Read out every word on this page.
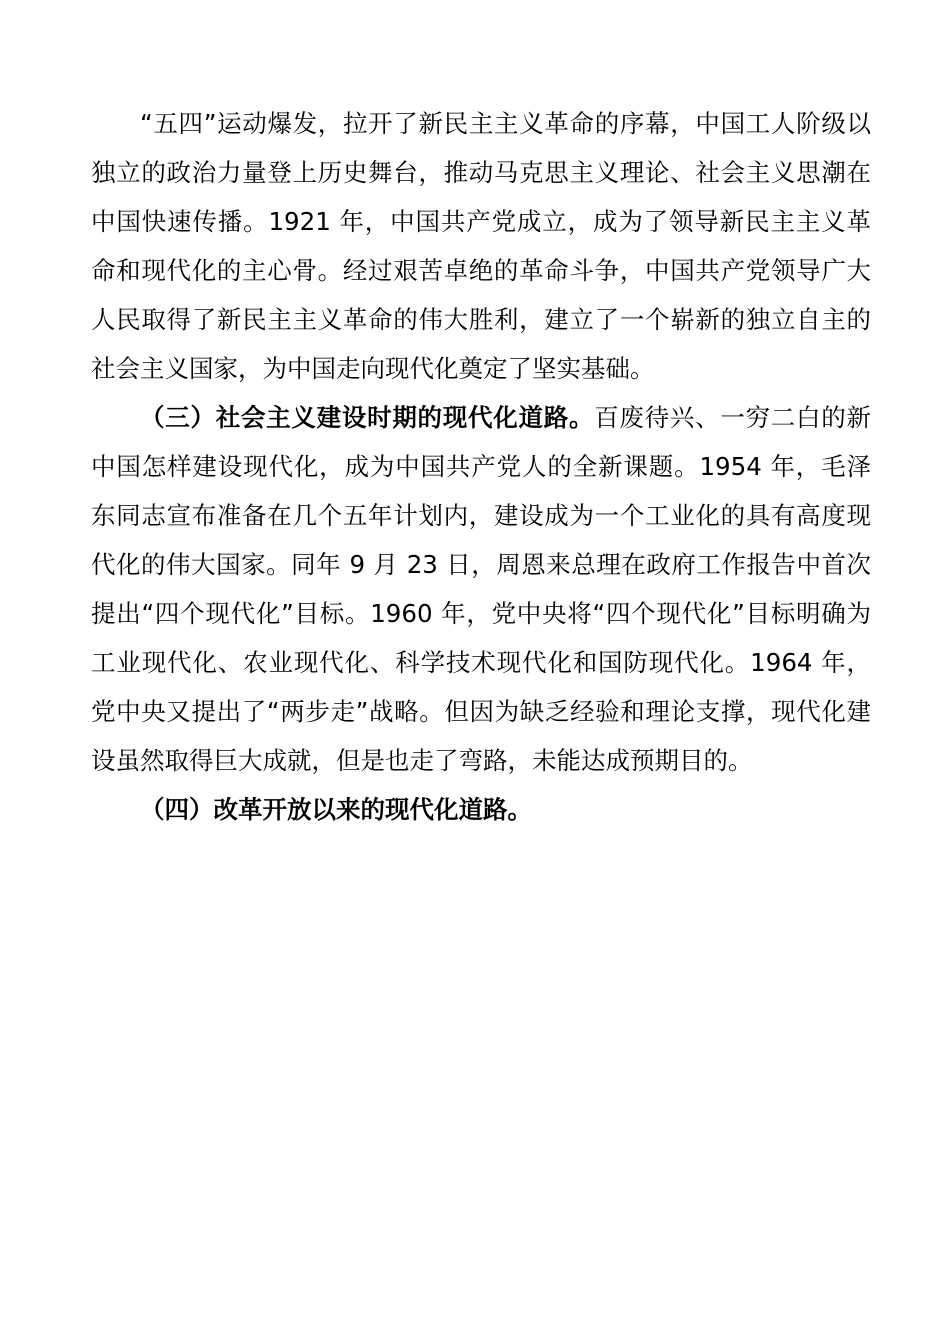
“五四”运动爆发，拉开了新民主主义革命的序幕，中国工人阶级以独立的政治力量登上历史舞台，推动马克思主义理论、社会主义思潮在中国快速传播。1921 年，中国共产党成立，成为了领导新民主主义革命和现代化的主心骨。经过艰苦卓绝的革命斗争，中国共产党领导广大人民取得了新民主主义革命的伟大胜利，建立了一个崭新的独立自主的社会主义国家，为中国走向现代化奠定了坚实基础。

（三）社会主义建设时期的现代化道路。百废待兴、一穷二白的新中国怎样建设现代化，成为中国共产党人的全新课题。1954 年，毛泽东同志宣布准备在几个五年计划内，建设成为一个工业化的具有高度现代化的伟大国家。同年 9 月 23 日，周恩来总理在政府工作报告中首次提出“四个现代化”目标。1960 年，党中央将“四个现代化”目标明确为工业现代化、农业现代化、科学技术现代化和国防现代化。1964 年，党中央又提出了“两步走”战略。但因为缺乏经验和理论支撑，现代化建设虽然取得巨大成就，但是也走了弯路，未能达成预期目的。

（四）改革开放以来的现代化道路。
